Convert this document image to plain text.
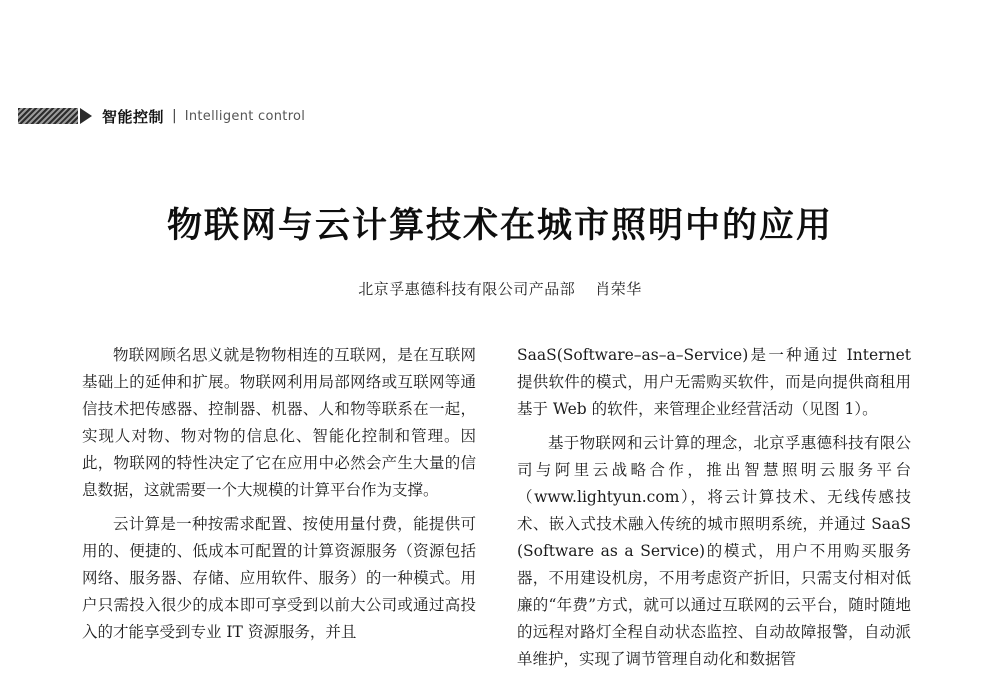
智能控制 | Intelligent control
物联网与云计算技术在城市照明中的应用
北京孚惠德科技有限公司产品部 肖荣华

物联网顾名思义就是物物相连的互联网，是在互联网基础上的延伸和扩展。物联网利用局部网络或互联网等通信技术把传感器、控制器、机器、人和物等联系在一起，实现人对物、物对物的信息化、智能化控制和管理。因此，物联网的特性决定了它在应用中必然会产生大量的信息数据，这就需要一个大规模的计算平台作为支撑。

云计算是一种按需求配置、按使用量付费，能提供可用的、便捷的、低成本可配置的计算资源服务（资源包括网络、服务器、存储、应用软件、服务）的一种模式。用户只需投入很少的成本即可享受到以前大公司或通过高投入的才能享受到专业 IT 资源服务，并且

SaaS(Software–as–a–Service)是一种通过 Internet 提供软件的模式，用户无需购买软件，而是向提供商租用基于 Web 的软件，来管理企业经营活动（见图 1）。

基于物联网和云计算的理念，北京孚惠德科技有限公司与阿里云战略合作，推出智慧照明云服务平台（www.lightyun.com），将云计算技术、无线传感技术、嵌入式技术融入传统的城市照明系统，并通过 SaaS (Software as a Service)的模式，用户不用购买服务器，不用建设机房，不用考虑资产折旧，只需支付相对低廉的“年费”方式，就可以通过互联网的云平台，随时随地的远程对路灯全程自动状态监控、自动故障报警，自动派单维护，实现了调节管理自动化和数据管
